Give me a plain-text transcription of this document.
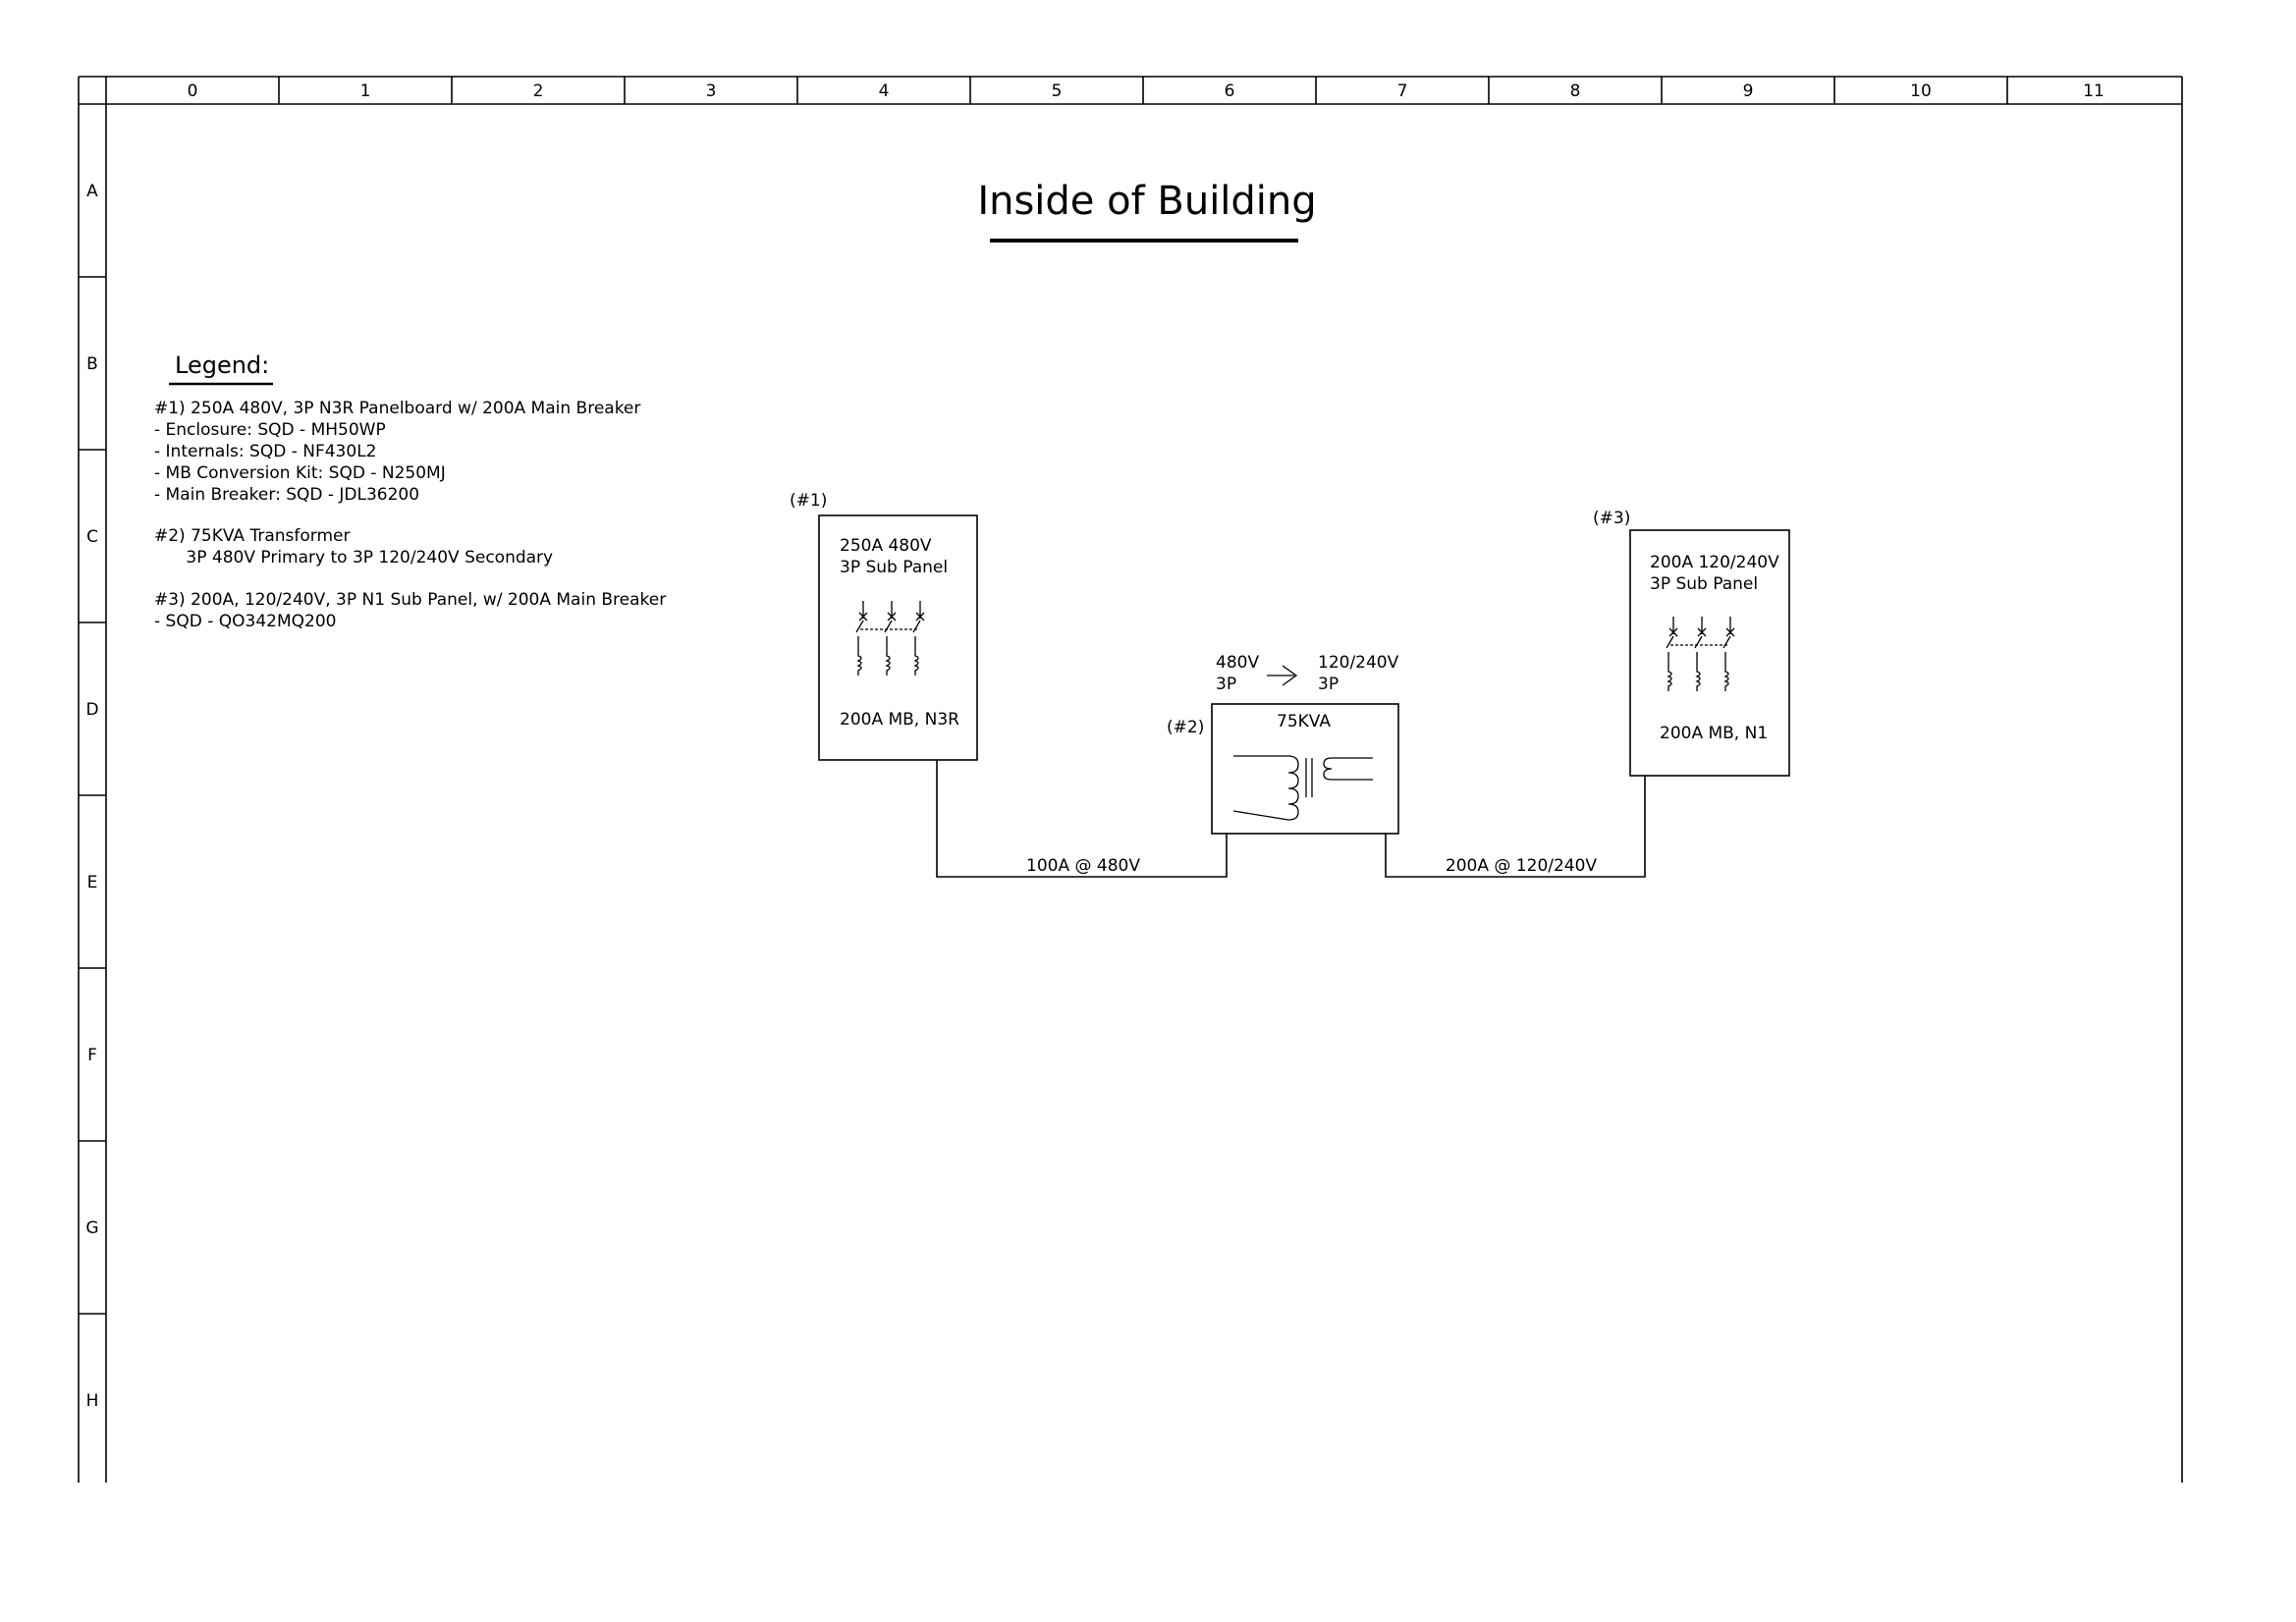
0	1	2	3	4	5	6	7	8	9	10	11
A
B
C
D
E
F
G
H
Inside of Building
Legend:
#1) 250A 480V, 3P N3R Panelboard w/ 200A Main Breaker
- Enclosure: SQD - MH50WP
- Internals: SQD - NF430L2
- MB Conversion Kit: SQD - N250MJ
- Main Breaker: SQD - JDL36200
#2) 75KVA Transformer
3P 480V Primary to 3P 120/240V Secondary
#3) 200A, 120/240V, 3P N1 Sub Panel, w/ 200A Main Breaker
- SQD - QO342MQ200
(#1)
250A 480V
3P Sub Panel
200A MB, N3R
480V
3P
120/240V
3P
(#2)	75KVA
(#3)
200A 120/240V
3P Sub Panel
200A MB, N1
100A @ 480V	200A @ 120/240V
